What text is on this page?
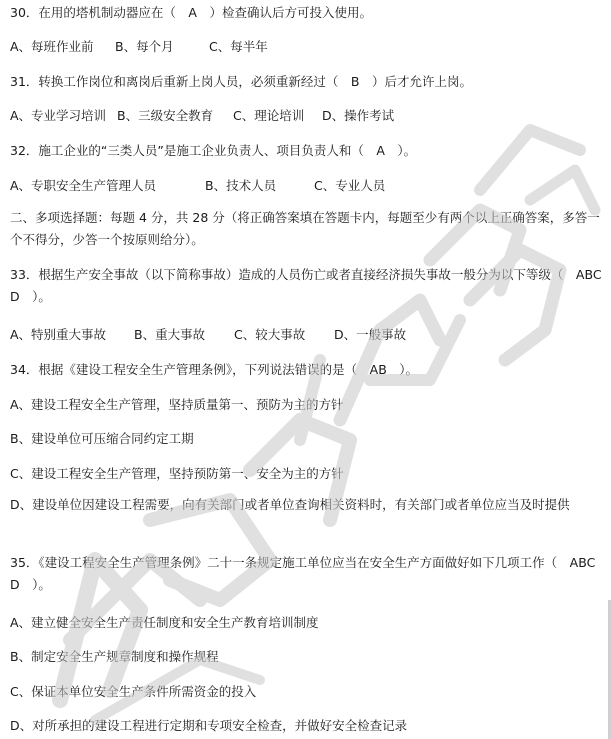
30．在用的塔机制动器应在（　A　）检查确认后方可投入使用。
A、每班作业前 B、每个月	C、每半年
31．转换工作岗位和离岗后重新上岗人员，必须重新经过（　B　）后才允许上岗。
A、专业学习培训 B、三级安全教育 C、理论培训 D、操作考试
32．施工企业的“三类人员”是施工企业负责人、项目负责人和（　A　）。
A、专职安全生产管理人员	B、技术人员	C、专业人员
二、多项选择题：每题 4 分，共 28 分（将正确答案填在答题卡内，每题至少有两个以上正确答案，多答一个不得分，少答一个按原则给分）。
33．根据生产安全事故（以下简称事故）造成的人员伤亡或者直接经济损失事故一般分为以下等级（　ABCD　）。
A、特别重大事故 B、重大事故 C、较大事故 D、一般事故
34．根据《建设工程安全生产管理条例》，下列说法错误的是（　AB　）。
A、建设工程安全生产管理，坚持质量第一、预防为主的方针
B、建设单位可压缩合同约定工期
C、建设工程安全生产管理，坚持预防第一、安全为主的方针
D、建设单位因建设工程需要，向有关部门或者单位查询相关资料时，有关部门或者单位应当及时提供
35．《建设工程安全生产管理条例》二十一条规定施工单位应当在安全生产方面做好如下几项工作（　ABCD　）。
A、建立健全安全生产责任制度和安全生产教育培训制度
B、制定安全生产规章制度和操作规程
C、保证本单位安全生产条件所需资金的投入
D、对所承担的建设工程进行定期和专项安全检查，并做好安全检查记录
